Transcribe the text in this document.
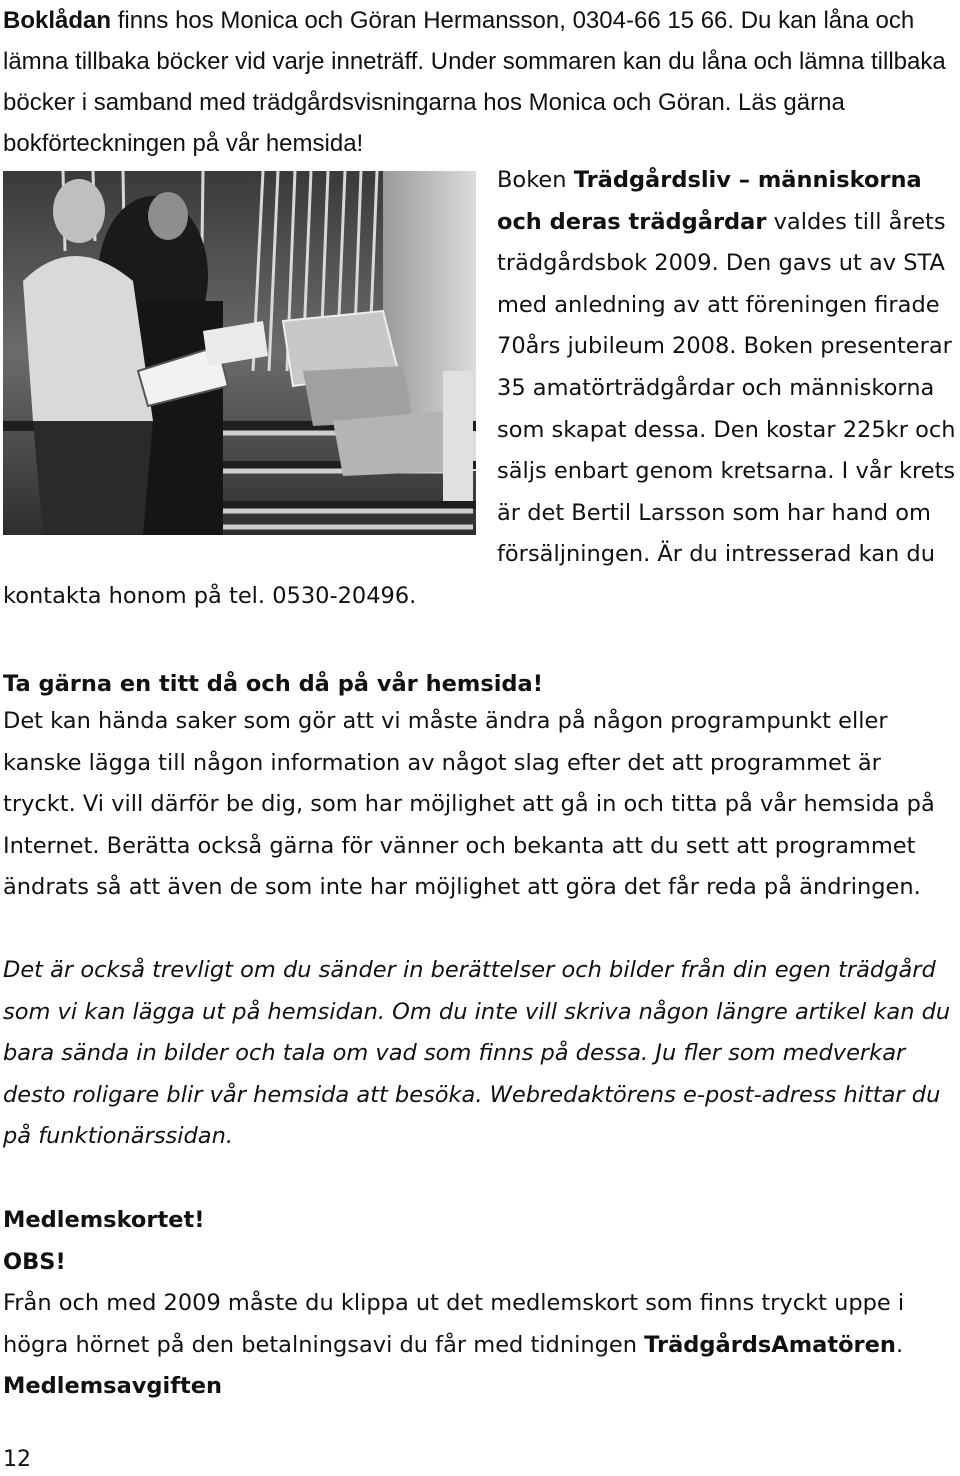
Boklådan finns hos Monica och Göran Hermansson, 0304-66 15 66. Du kan låna och lämna tillbaka böcker vid varje inneträff. Under sommaren kan du låna och lämna tillbaka böcker i samband med trädgårdsvisningarna hos Monica och Göran. Läs gärna bokförteckningen på vår hemsida!

Boken Trädgårdsliv – människorna och deras trädgårdar valdes till årets trädgårdsbok 2009. Den gavs ut av STA med anledning av att föreningen firade 70års jubileum 2008. Boken presenterar 35 amatörträdgårdar och människorna som skapat dessa. Den kostar 225kr och säljs enbart genom kretsarna. I vår krets är det Bertil Larsson som har hand om försäljningen. Är du intresserad kan du kontakta honom på tel. 0530-20496.

Ta gärna en titt då och då på vår hemsida!

Det kan hända saker som gör att vi måste ändra på någon programpunkt eller kanske lägga till någon information av något slag efter det att programmet är tryckt. Vi vill därför be dig, som har möjlighet att gå in och titta på vår hemsida på Internet. Berätta också gärna för vänner och bekanta att du sett att programmet ändrats så att även de som inte har möjlighet att göra det får reda på ändringen.

Det är också trevligt om du sänder in berättelser och bilder från din egen trädgård som vi kan lägga ut på hemsidan. Om du inte vill skriva någon längre artikel kan du bara sända in bilder och tala om vad som finns på dessa. Ju fler som medverkar desto roligare blir vår hemsida att besöka. Webredaktörens e-post-adress hittar du på funktionärssidan.

Medlemskortet!

OBS!

Från och med 2009 måste du klippa ut det medlemskort som finns tryckt uppe i högra hörnet på den betalningsavi du får med tidningen TrädgårdsAmatören.

Medlemsavgiften

12
